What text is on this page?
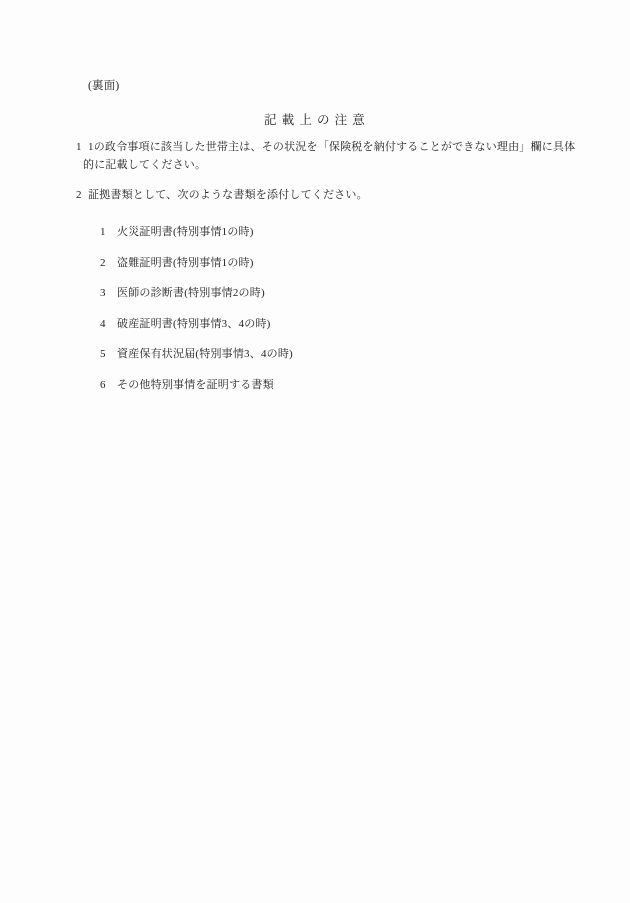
(裏面)
記 載 上 の 注 意
1 1の政令事項に該当した世帯主は、その状況を「保険税を納付することができない理由」欄に具体
的に記載してください。
2 証拠書類として、次のような書類を添付してください。
1 火災証明書(特別事情1の時)
2 盗難証明書(特別事情1の時)
3 医師の診断書(特別事情2の時)
4 破産証明書(特別事情3、4の時)
5 資産保有状況届(特別事情3、4の時)
6 その他特別事情を証明する書類
